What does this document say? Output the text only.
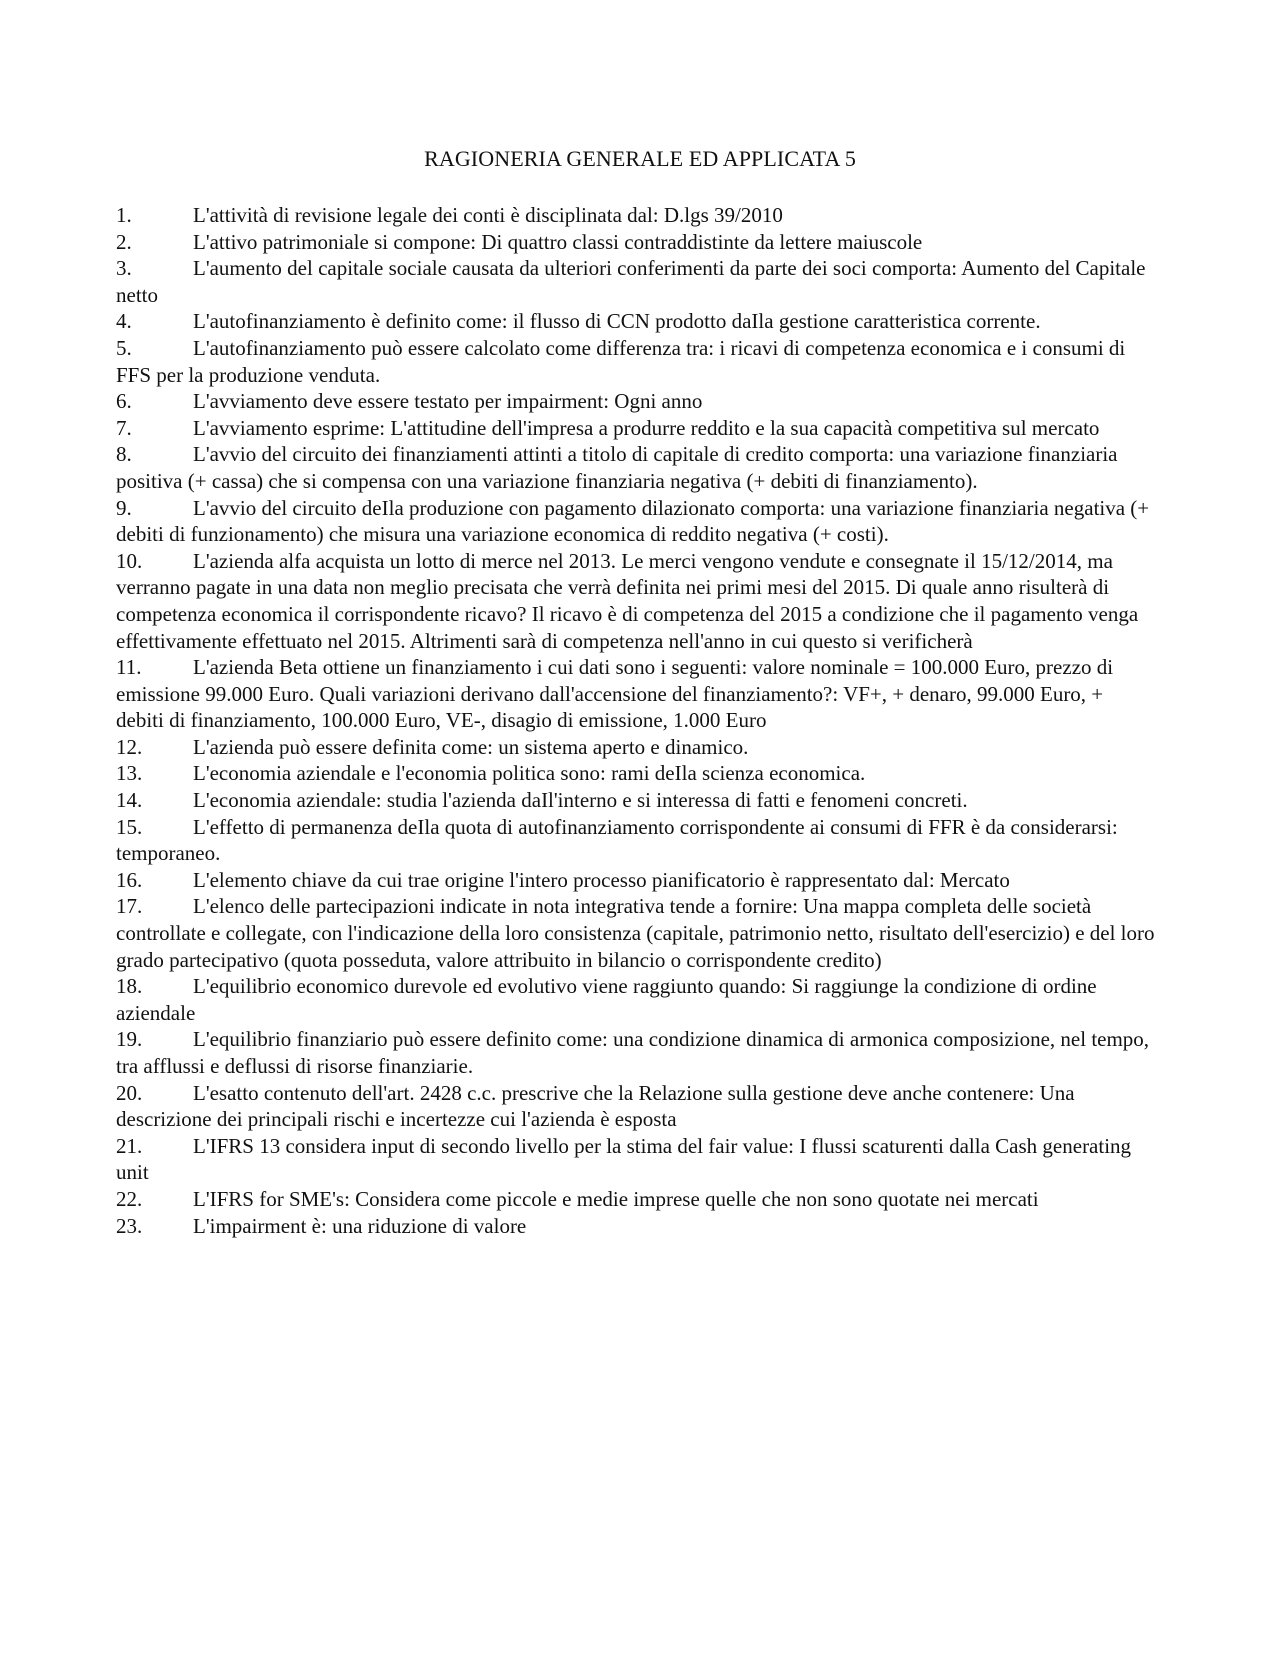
RAGIONERIA GENERALE ED APPLICATA 5
1.	L'attività di revisione legale dei conti è disciplinata dal: D.lgs 39/2010
2.	L'attivo patrimoniale si compone: Di quattro classi contraddistinte da lettere maiuscole
3.	L'aumento del capitale sociale causata da ulteriori conferimenti da parte dei soci comporta: Aumento del Capitale netto
4.	L'autofinanziamento è definito come: il flusso di CCN prodotto daIla gestione caratteristica corrente.
5.	L'autofinanziamento può essere calcolato come differenza tra: i ricavi di competenza economica e i consumi di FFS per la produzione venduta.
6.	L'avviamento deve essere testato per impairment: Ogni anno
7.	L'avviamento esprime: L'attitudine dell'impresa a produrre reddito e la sua capacità competitiva sul mercato
8.	L'avvio del circuito dei finanziamenti attinti a titolo di capitale di credito comporta: una variazione finanziaria positiva (+ cassa) che si compensa con una variazione finanziaria negativa (+ debiti di finanziamento).
9.	L'avvio del circuito deIla produzione con pagamento dilazionato comporta: una variazione finanziaria negativa (+ debiti di funzionamento) che misura una variazione economica di reddito negativa (+ costi).
10. L'azienda alfa acquista un lotto di merce nel 2013. Le merci vengono vendute e consegnate il 15/12/2014, ma verranno pagate in una data non meglio precisata che verrà definita nei primi mesi del 2015. Di quale anno risulterà di competenza economica il corrispondente ricavo? Il ricavo è di competenza del 2015 a condizione che il pagamento venga effettivamente effettuato nel 2015. Altrimenti sarà di competenza nell'anno in cui questo si verificherà
11. L'azienda Beta ottiene un finanziamento i cui dati sono i seguenti: valore nominale = 100.000 Euro, prezzo di emissione 99.000 Euro. Quali variazioni derivano dall'accensione del finanziamento?: VF+, + denaro, 99.000 Euro, + debiti di finanziamento, 100.000 Euro, VE-, disagio di emissione, 1.000 Euro
12. L'azienda può essere definita come: un sistema aperto e dinamico.
13. L'economia aziendale e l'economia politica sono: rami deIla scienza economica.
14. L'economia aziendale: studia l'azienda daIl'interno e si interessa di fatti e fenomeni concreti.
15. L'effetto di permanenza deIla quota di autofinanziamento corrispondente ai consumi di FFR è da considerarsi: temporaneo.
16. L'elemento chiave da cui trae origine l'intero processo pianificatorio è rappresentato dal: Mercato
17. L'elenco delle partecipazioni indicate in nota integrativa tende a fornire: Una mappa completa delle società controllate e collegate, con l'indicazione della loro consistenza (capitale, patrimonio netto, risultato dell'esercizio) e del loro grado partecipativo (quota posseduta, valore attribuito in bilancio o corrispondente credito)
18. L'equilibrio economico durevole ed evolutivo viene raggiunto quando: Si raggiunge la condizione di ordine aziendale
19. L'equilibrio finanziario può essere definito come: una condizione dinamica di armonica composizione, nel tempo, tra afflussi e deflussi di risorse finanziarie.
20. L'esatto contenuto dell'art. 2428 c.c. prescrive che la Relazione sulla gestione deve anche contenere: Una descrizione dei principali rischi e incertezze cui l'azienda è esposta
21. L'IFRS 13 considera input di secondo livello per la stima del fair value: I flussi scaturenti dalla Cash generating unit
22. L'IFRS for SME's: Considera come piccole e medie imprese quelle che non sono quotate nei mercati
23. L'impairment è: una riduzione di valore
